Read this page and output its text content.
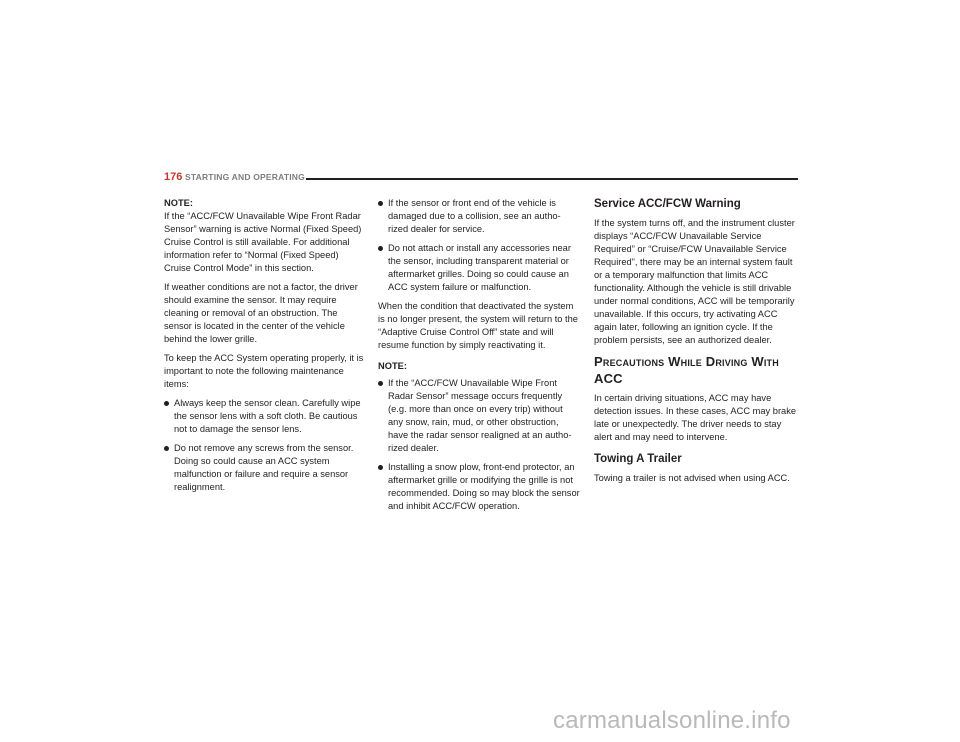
176 STARTING AND OPERATING

NOTE:

If the “ACC/FCW Unavailable Wipe Front Radar Sensor” warning is active Normal (Fixed Speed) Cruise Control is still available. For additional information refer to “Normal (Fixed Speed) Cruise Control Mode” in this section.

If weather conditions are not a factor, the driver should examine the sensor. It may require cleaning or removal of an obstruction. The sensor is located in the center of the vehicle behind the lower grille.

To keep the ACC System operating properly, it is important to note the following maintenance items:

Always keep the sensor clean. Carefully wipe the sensor lens with a soft cloth. Be cautious not to damage the sensor lens.
Do not remove any screws from the sensor. Doing so could cause an ACC system malfunction or failure and require a sensor realignment.
If the sensor or front end of the vehicle is damaged due to a collision, see an autho-rized dealer for service.
Do not attach or install any accessories near the sensor, including transparent material or aftermarket grilles. Doing so could cause an ACC system failure or malfunction.

When the condition that deactivated the system is no longer present, the system will return to the “Adaptive Cruise Control Off” state and will resume function by simply reactivating it.

NOTE:

If the “ACC/FCW Unavailable Wipe Front Radar Sensor” message occurs frequently (e.g. more than once on every trip) without any snow, rain, mud, or other obstruction, have the radar sensor realigned at an autho-rized dealer.
Installing a snow plow, front-end protector, an aftermarket grille or modifying the grille is not recommended. Doing so may block the sensor and inhibit ACC/FCW operation.
Service ACC/FCW Warning

If the system turns off, and the instrument cluster displays “ACC/FCW Unavailable Service Required” or “Cruise/FCW Unavailable Service Required”, there may be an internal system fault or a temporary malfunction that limits ACC functionality. Although the vehicle is still drivable under normal conditions, ACC will be temporarily unavailable. If this occurs, try activating ACC again later, following an ignition cycle. If the problem persists, see an authorized dealer.

Precautions While Driving With ACC

In certain driving situations, ACC may have detection issues. In these cases, ACC may brake late or unexpectedly. The driver needs to stay alert and may need to intervene.

Towing A Trailer

Towing a trailer is not advised when using ACC.

carmanualsonline.info
